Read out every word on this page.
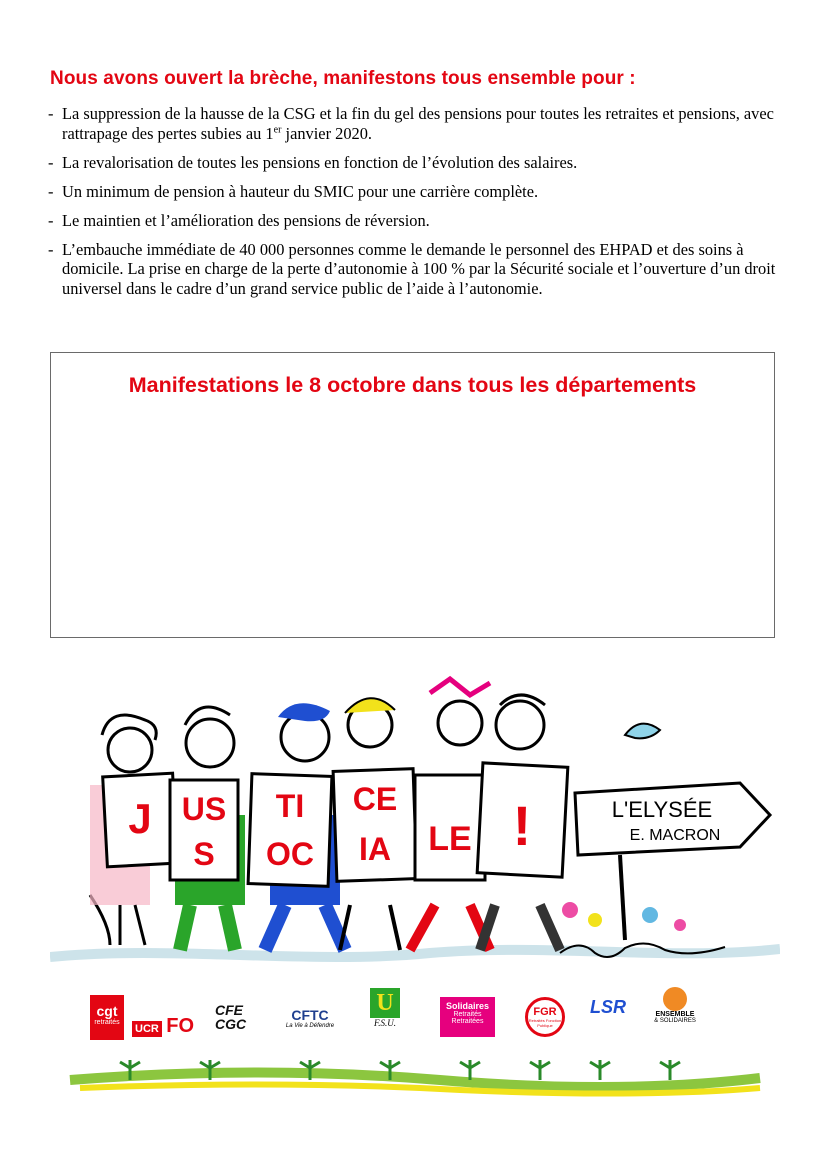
Nous avons ouvert la brèche, manifestons tous ensemble pour :
- La suppression de la hausse de la CSG et la fin du gel des pensions pour toutes les retraites et pensions, avec rattrapage des pertes subies au 1er janvier 2020.
- La revalorisation de toutes les pensions en fonction de l’évolution des salaires.
- Un minimum de pension à hauteur du SMIC pour une carrière complète.
- Le maintien et l’amélioration des pensions de réversion.
- L’embauche immédiate de 40 000 personnes comme le demande le personnel des EHPAD et des soins à domicile. La prise en charge de la perte d’autonomie à 100 % par la Sécurité sociale et l’ouverture d’un droit universel dans le cadre d’un grand service public de l’aide à l’autonomie.
Manifestations le 8 octobre dans tous les départements
J US
S
TI
OC
CE
IA LE !	L'ELYSÉE
E. MACRON
cgt
retraités
UCR FO
CFE
CGC
CFTC
La Vie à Défendre
U
F.S.U.
Solidaires
Retraités Retraitées
FGR
Retraités Fonction Publique
LSR	ENSEMBLE
& SOLIDAIRES
